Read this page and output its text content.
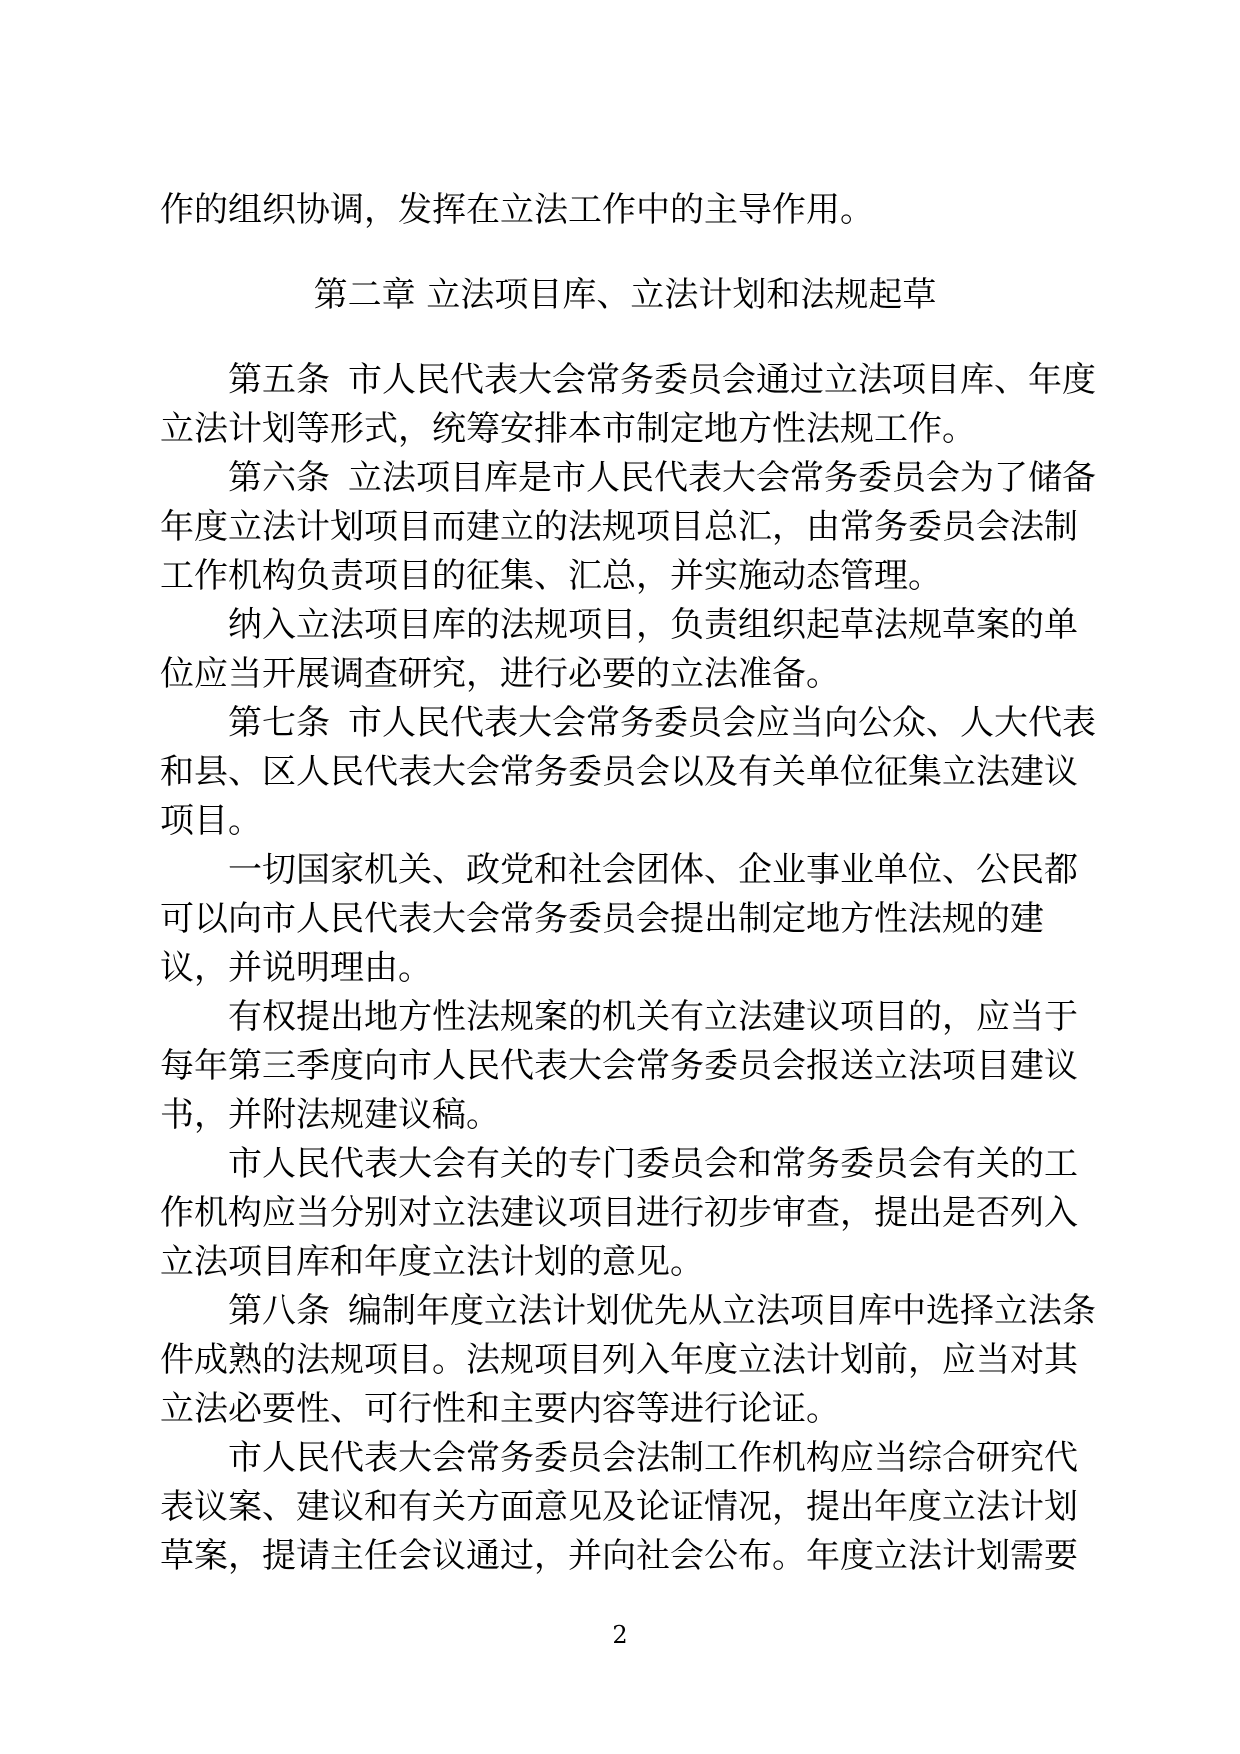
作的组织协调，发挥在立法工作中的主导作用。
第二章 立法项目库、立法计划和法规起草
第五条 市人民代表大会常务委员会通过立法项目库、年度
立法计划等形式，统筹安排本市制定地方性法规工作。
第六条 立法项目库是市人民代表大会常务委员会为了储备
年度立法计划项目而建立的法规项目总汇，由常务委员会法制
工作机构负责项目的征集、汇总，并实施动态管理。
纳入立法项目库的法规项目，负责组织起草法规草案的单
位应当开展调查研究，进行必要的立法准备。
第七条 市人民代表大会常务委员会应当向公众、人大代表
和县、区人民代表大会常务委员会以及有关单位征集立法建议
项目。
一切国家机关、政党和社会团体、企业事业单位、公民都
可以向市人民代表大会常务委员会提出制定地方性法规的建
议，并说明理由。
有权提出地方性法规案的机关有立法建议项目的，应当于
每年第三季度向市人民代表大会常务委员会报送立法项目建议
书，并附法规建议稿。
市人民代表大会有关的专门委员会和常务委员会有关的工
作机构应当分别对立法建议项目进行初步审查，提出是否列入
立法项目库和年度立法计划的意见。
第八条 编制年度立法计划优先从立法项目库中选择立法条
件成熟的法规项目。法规项目列入年度立法计划前，应当对其
立法必要性、可行性和主要内容等进行论证。
市人民代表大会常务委员会法制工作机构应当综合研究代
表议案、建议和有关方面意见及论证情况，提出年度立法计划
草案，提请主任会议通过，并向社会公布。年度立法计划需要
2
